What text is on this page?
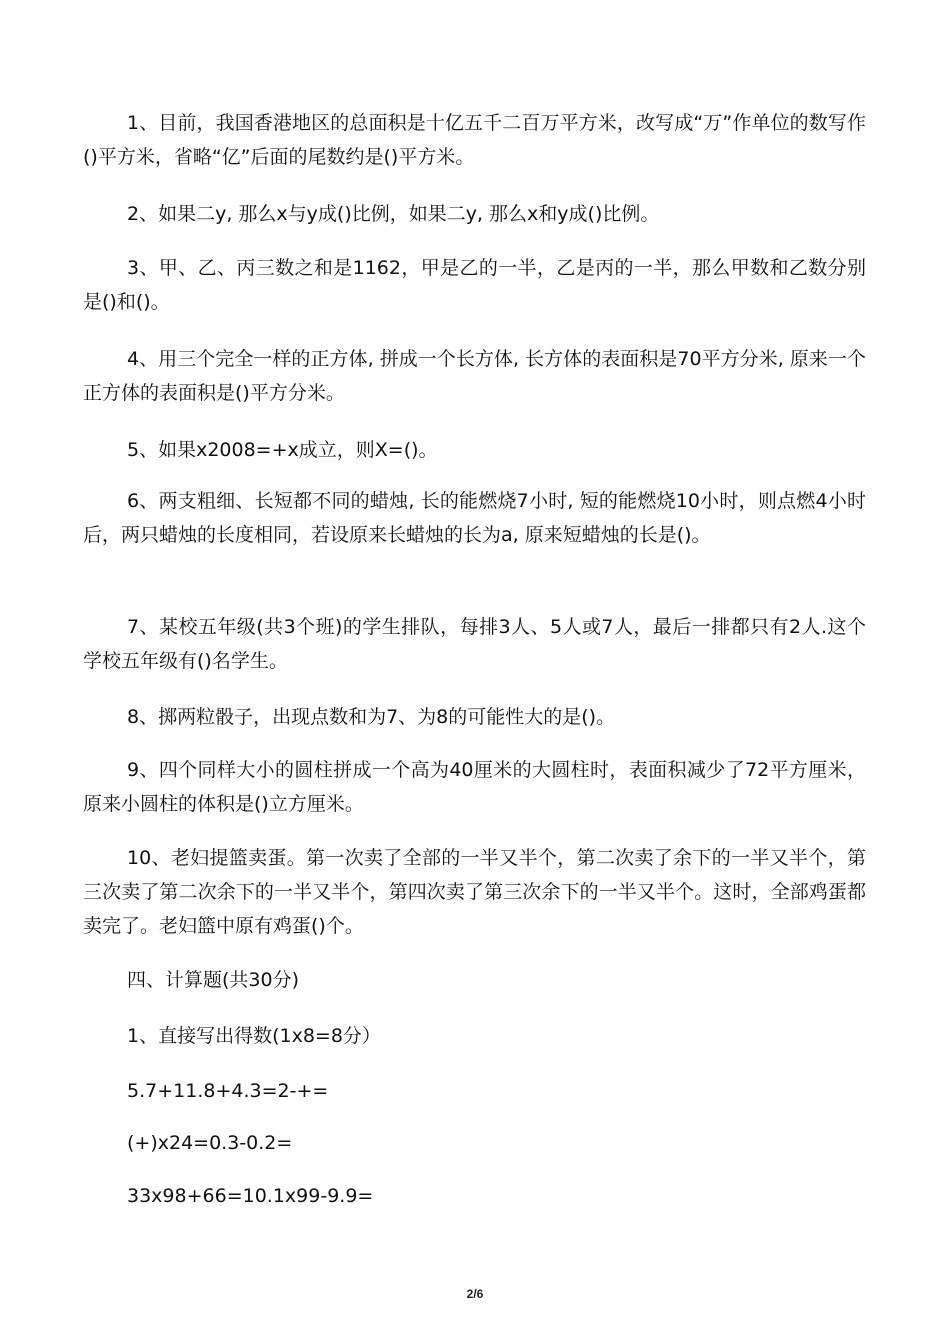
1、目前，我国香港地区的总面积是十亿五千二百万平方米，改写成“万”作单位的数写作()平方米，省略“亿”后面的尾数约是()平方米。

2、如果二y, 那么x与y成()比例，如果二y, 那么x和y成()比例。

3、甲、乙、丙三数之和是1162，甲是乙的一半，乙是丙的一半，那么甲数和乙数分别是()和()。

4、用三个完全一样的正方体, 拼成一个长方体, 长方体的表面积是70平方分米, 原来一个正方体的表面积是()平方分米。

5、如果x2008=+x成立，则X=()。

6、两支粗细、长短都不同的蜡烛, 长的能燃烧7小时, 短的能燃烧10小时，则点燃4小时后，两只蜡烛的长度相同，若设原来长蜡烛的长为a, 原来短蜡烛的长是()。

7、某校五年级(共3个班)的学生排队，每排3人、5人或7人，最后一排都只有2人.这个学校五年级有()名学生。

8、掷两粒骰子，出现点数和为7、为8的可能性大的是()。

9、四个同样大小的圆柱拼成一个高为40厘米的大圆柱时，表面积减少了72平方厘米，原来小圆柱的体积是()立方厘米。

10、老妇提篮卖蛋。第一次卖了全部的一半又半个，第二次卖了余下的一半又半个，第三次卖了第二次余下的一半又半个，第四次卖了第三次余下的一半又半个。这时，全部鸡蛋都卖完了。老妇篮中原有鸡蛋()个。

四、计算题(共30分)

1、直接写出得数(1x8=8分）

5.7+11.8+4.3=2-+=

(+)x24=0.3-0.2=

33x98+66=10.1x99-9.9=

2/6
